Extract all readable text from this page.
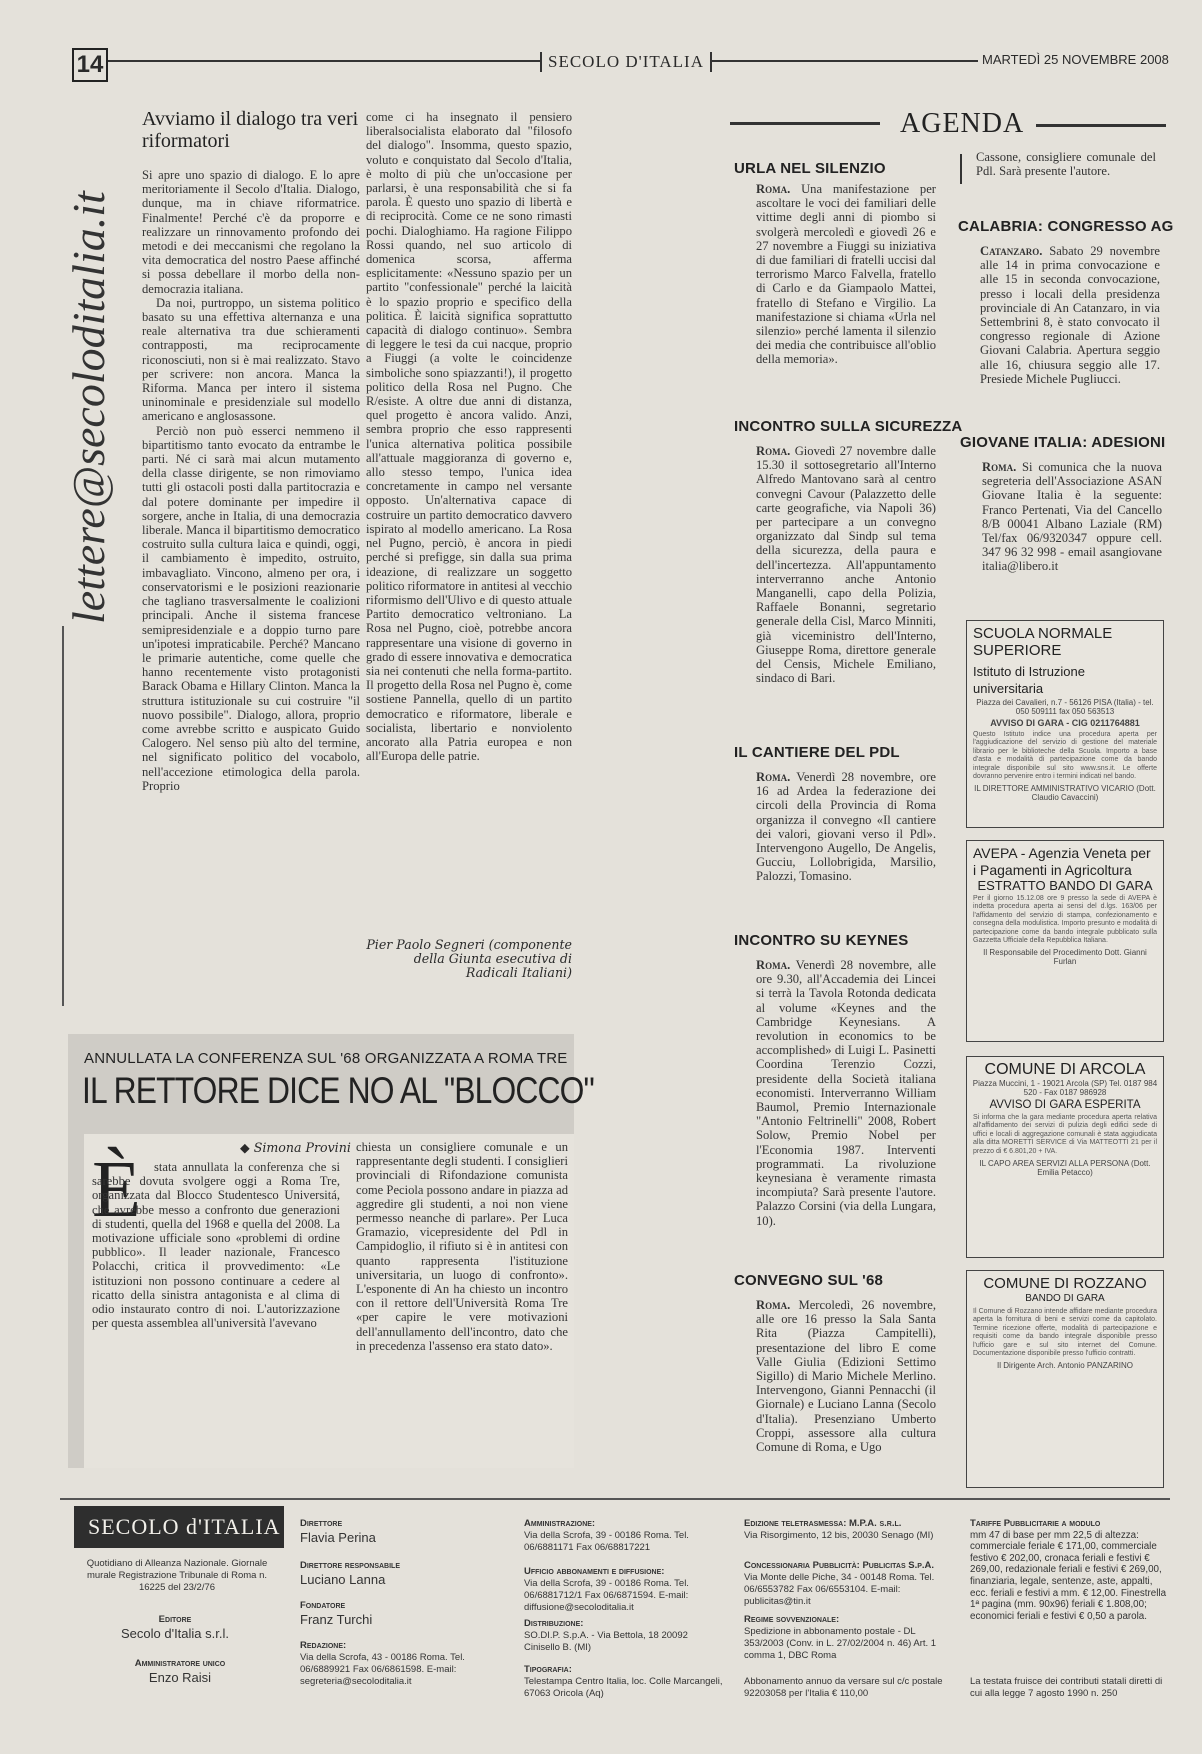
14	SECOLO D'ITALIA	MARTEDÌ 25 NOVEMBRE 2008
lettere@secoloditalia.it
Avviamo il dialogo tra veri riformatori

Si apre uno spazio di dialogo. E lo apre meritoriamente il Secolo d'Italia. Dialogo, dunque, ma in chiave riformatrice. Finalmente! Perché c'è da proporre e realizzare un rinnovamento profondo dei metodi e dei meccanismi che regolano la vita democratica del nostro Paese affinché si possa debellare il morbo della non-democrazia italiana.

Da noi, purtroppo, un sistema politico basato su una effettiva alternanza e una reale alternativa tra due schieramenti contrapposti, ma reciprocamente riconosciuti, non si è mai realizzato. Stavo per scrivere: non ancora. Manca la Riforma. Manca per intero il sistema uninominale e presidenziale sul modello americano e anglosassone.

Perciò non può esserci nemmeno il bipartitismo tanto evocato da entrambe le parti. Né ci sarà mai alcun mutamento della classe dirigente, se non rimoviamo tutti gli ostacoli posti dalla partitocrazia e dal potere dominante per impedire il sorgere, anche in Italia, di una democrazia liberale. Manca il bipartitismo democratico costruito sulla cultura laica e quindi, oggi, il cambiamento è impedito, ostruito, imbavagliato. Vincono, almeno per ora, i conservatorismi e le posizioni reazionarie che tagliano trasversalmente le coalizioni principali. Anche il sistema francese semipresidenziale e a doppio turno pare un'ipotesi impraticabile. Perché? Mancano le primarie autentiche, come quelle che hanno recentemente visto protagonisti Barack Obama e Hillary Clinton. Manca la struttura istituzionale su cui costruire "il nuovo possibile". Dialogo, allora, proprio come avrebbe scritto e auspicato Guido Calogero. Nel senso più alto del termine, nel significato politico del vocabolo, nell'accezione etimologica della parola. Proprio

come ci ha insegnato il pensiero liberalsocialista elaborato dal "filosofo del dialogo". Insomma, questo spazio, voluto e conquistato dal Secolo d'Italia, è molto di più che un'occasione per parlarsi, è una responsabilità che si fa parola. È questo uno spazio di libertà e di reciprocità. Come ce ne sono rimasti pochi. Dialoghiamo. Ha ragione Filippo Rossi quando, nel suo articolo di domenica scorsa, afferma esplicitamente: «Nessuno spazio per un partito "confessionale" perché la laicità è lo spazio proprio e specifico della politica. È laicità significa soprattutto capacità di dialogo continuo». Sembra di leggere le tesi da cui nacque, proprio a Fiuggi (a volte le coincidenze simboliche sono spiazzanti!), il progetto politico della Rosa nel Pugno. Che R/esiste. A oltre due anni di distanza, quel progetto è ancora valido. Anzi, sembra proprio che esso rappresenti l'unica alternativa politica possibile all'attuale maggioranza di governo e, allo stesso tempo, l'unica idea concretamente in campo nel versante opposto. Un'alternativa capace di costruire un partito democratico davvero ispirato al modello americano. La Rosa nel Pugno, perciò, è ancora in piedi perché si prefigge, sin dalla sua prima ideazione, di realizzare un soggetto politico riformatore in antitesi al vecchio riformismo dell'Ulivo e di questo attuale Partito democratico veltroniano. La Rosa nel Pugno, cioè, potrebbe ancora rappresentare una visione di governo in grado di essere innovativa e democratica sia nei contenuti che nella forma-partito. Il progetto della Rosa nel Pugno è, come sostiene Pannella, quello di un partito democratico e riformatore, liberale e socialista, libertario e nonviolento ancorato alla Patria europea e non all'Europa delle patrie.

Pier Paolo Segneri (componente della Giunta esecutiva di Radicali Italiani)
ANNULLATA LA CONFERENZA SUL '68 ORGANIZZATA A ROMA TRE
IL RETTORE DICE NO AL "BLOCCO"
◆ Simona Provini
È	stata annullata la conferenza che si sarebbe dovuta svolgere oggi a Roma Tre, organizzata dal Blocco Studentesco Universitá, che avrebbe messo a confronto due generazioni di studenti, quella del 1968 e quella del 2008. La motivazione ufficiale sono «problemi di ordine pubblico». Il leader nazionale, Francesco Polacchi, critica il provvedimento: «Le istituzioni non possono continuare a cedere al ricatto della sinistra antagonista e al clima di odio instaurato contro di noi. L'autorizzazione per questa assemblea all'università l'avevano

chiesta un consigliere comunale e un rappresentante degli studenti. I consiglieri provinciali di Rifondazione comunista come Peciola possono andare in piazza ad aggredire gli studenti, a noi non viene permesso neanche di parlare». Per Luca Gramazio, vicepresidente del Pdl in Campidoglio, il rifiuto si è in antitesi con quanto rappresenta l'istituzione universitaria, un luogo di confronto». L'esponente di An ha chiesto un incontro con il rettore dell'Università Roma Tre «per capire le vere motivazioni dell'annullamento dell'incontro, dato che in precedenza l'assenso era stato dato».

AGENDA
URLA NEL SILENZIO
Roma. Una manifestazione per ascoltare le voci dei familiari delle vittime degli anni di piombo si svolgerà mercoledì e giovedì 26 e 27 novembre a Fiuggi su iniziativa di due familiari di fratelli uccisi dal terrorismo Marco Falvella, fratello di Carlo e da Giampaolo Mattei, fratello di Stefano e Virgilio. La manifestazione si chiama «Urla nel silenzio» perché lamenta il silenzio dei media che contribuisce all'oblio della memoria».
INCONTRO SULLA SICUREZZA
Roma. Giovedì 27 novembre dalle 15.30 il sottosegretario all'Interno Alfredo Mantovano sarà al centro convegni Cavour (Palazzetto delle carte geografiche, via Napoli 36) per partecipare a un convegno organizzato dal Sindp sul tema della sicurezza, della paura e dell'incertezza. All'appuntamento interverranno anche Antonio Manganelli, capo della Polizia, Raffaele Bonanni, segretario generale della Cisl, Marco Minniti, già viceministro dell'Interno, Giuseppe Roma, direttore generale del Censis, Michele Emiliano, sindaco di Bari.
IL CANTIERE DEL PDL
Roma. Venerdì 28 novembre, ore 16 ad Ardea la federazione dei circoli della Provincia di Roma organizza il convegno «Il cantiere dei valori, giovani verso il Pdl». Intervengono Augello, De Angelis, Gucciu, Lollobrigida, Marsilio, Palozzi, Tomasino.
INCONTRO SU KEYNES
Roma. Venerdì 28 novembre, alle ore 9.30, all'Accademia dei Lincei si terrà la Tavola Rotonda dedicata al volume «Keynes and the Cambridge Keynesians. A revolution in economics to be accomplished» di Luigi L. Pasinetti Coordina Terenzio Cozzi, presidente della Società italiana economisti. Interverranno William Baumol, Premio Internazionale "Antonio Feltrinelli" 2008, Robert Solow, Premio Nobel per l'Economia 1987. Interventi programmati. La rivoluzione keynesiana è veramente rimasta incompiuta? Sarà presente l'autore. Palazzo Corsini (via della Lungara, 10).
CONVEGNO SUL '68
Roma. Mercoledì, 26 novembre, alle ore 16 presso la Sala Santa Rita (Piazza Campitelli), presentazione del libro E come Valle Giulia (Edizioni Settimo Sigillo) di Mario Michele Merlino. Intervengono, Gianni Pennacchi (il Giornale) e Luciano Lanna (Secolo d'Italia). Presenziano Umberto Croppi, assessore alla cultura Comune di Roma, e Ugo
Cassone, consigliere comunale del Pdl. Sarà presente l'autore.
CALABRIA: CONGRESSO AG
Catanzaro. Sabato 29 novembre alle 14 in prima convocazione e alle 15 in seconda convocazione, presso i locali della presidenza provinciale di An Catanzaro, in via Settembrini 8, è stato convocato il congresso regionale di Azione Giovani Calabria. Apertura seggio alle 16, chiusura seggio alle 17. Presiede Michele Pugliucci.
GIOVANE ITALIA: ADESIONI
Roma. Si comunica che la nuova segreteria dell'Associazione ASAN Giovane Italia è la seguente: Franco Pertenati, Via del Cancello 8/B 00041 Albano Laziale (RM) Tel/fax 06/9320347 oppure cell. 347 96 32 998 - email asangiovane italia@libero.it
SCUOLA NORMALE SUPERIORE
Istituto di Istruzione universitaria
Piazza dei Cavalieri, n.7 - 56126 PISA (Italia) - tel. 050 509111 fax 050 563513
AVVISO DI GARA - CIG 0211764881
Questo Istituto indice una procedura aperta per l'aggiudicazione del servizio di gestione del materiale librario per le biblioteche della Scuola. Importo a base d'asta e modalità di partecipazione come da bando integrale disponibile sul sito www.sns.it. Le offerte dovranno pervenire entro i termini indicati nel bando.
IL DIRETTORE AMMINISTRATIVO VICARIO (Dott. Claudio Cavaccini)
AVEPA - Agenzia Veneta per i Pagamenti in Agricoltura
ESTRATTO BANDO DI GARA
Per il giorno 15.12.08 ore 9 presso la sede di AVEPA è indetta procedura aperta ai sensi del d.lgs. 163/06 per l'affidamento del servizio di stampa, confezionamento e consegna della modulistica. Importo presunto e modalità di partecipazione come da bando integrale pubblicato sulla Gazzetta Ufficiale della Repubblica Italiana.
Il Responsabile del Procedimento Dott. Gianni Furlan
COMUNE DI ARCOLA
Piazza Muccini, 1 - 19021 Arcola (SP) Tel. 0187 984 520 - Fax 0187 986928
AVVISO DI GARA ESPERITA
Si informa che la gara mediante procedura aperta relativa all'affidamento dei servizi di pulizia degli edifici sede di uffici e locali di aggregazione comunali è stata aggiudicata alla ditta MORETTI SERVICE di Via MATTEOTTI 21 per il prezzo di € 6.801,20 + IVA.
IL CAPO AREA SERVIZI ALLA PERSONA (Dott. Emilia Petacco)
COMUNE DI ROZZANO
BANDO DI GARA
Il Comune di Rozzano intende affidare mediante procedura aperta la fornitura di beni e servizi come da capitolato. Termine ricezione offerte, modalità di partecipazione e requisiti come da bando integrale disponibile presso l'ufficio gare e sul sito internet del Comune. Documentazione disponibile presso l'ufficio contratti.
Il Dirigente Arch. Antonio PANZARINO
SECOLO d'ITALIA
Quotidiano di Alleanza Nazionale. Giornale murale Registrazione Tribunale di Roma n. 16225 del 23/2/76
Editore
Secolo d'Italia s.r.l.
Amministratore unico
Enzo Raisi
Direttore
Flavia Perina
Direttore responsabile
Luciano Lanna
Fondatore
Franz Turchi
Redazione:
Via della Scrofa, 43 - 00186 Roma. Tel. 06/6889921 Fax 06/6861598. E-mail: segreteria@secoloditalia.it
Amministrazione:
Via della Scrofa, 39 - 00186 Roma. Tel. 06/6881171 Fax 06/68817221
Ufficio abbonamenti e diffusione:
Via della Scrofa, 39 - 00186 Roma. Tel. 06/6881712/1 Fax 06/6871594. E-mail: diffusione@secoloditalia.it
Distribuzione:
SO.DI.P. S.p.A. - Via Bettola, 18 20092 Cinisello B. (MI)
Tipografia:
Telestampa Centro Italia, loc. Colle Marcangeli, 67063 Oricola (Aq)
Edizione teletrasmessa: M.P.A. s.r.l.
Via Risorgimento, 12 bis, 20030 Senago (MI)
Concessionaria Pubblicità: Publicitas S.p.A.
Via Monte delle Piche, 34 - 00148 Roma. Tel. 06/6553782 Fax 06/6553104. E-mail: publicitas@tin.it
Regime sovvenzionale:
Spedizione in abbonamento postale - DL 353/2003 (Conv. in L. 27/02/2004 n. 46) Art. 1 comma 1, DBC Roma
Abbonamento annuo da versare sul c/c postale 92203058 per l'Italia € 110,00
Tariffe Pubblicitarie a modulo
mm 47 di base per mm 22,5 di altezza: commerciale feriale € 171,00, commerciale festivo € 202,00, cronaca feriali e festivi € 269,00, redazionale feriali e festivi € 269,00, finanziaria, legale, sentenze, aste, appalti, ecc. feriali e festivi a mm. € 12,00. Finestrella 1ª pagina (mm. 90x96) feriali € 1.808,00; economici feriali e festivi € 0,50 a parola.
La testata fruisce dei contributi statali diretti di cui alla legge 7 agosto 1990 n. 250
